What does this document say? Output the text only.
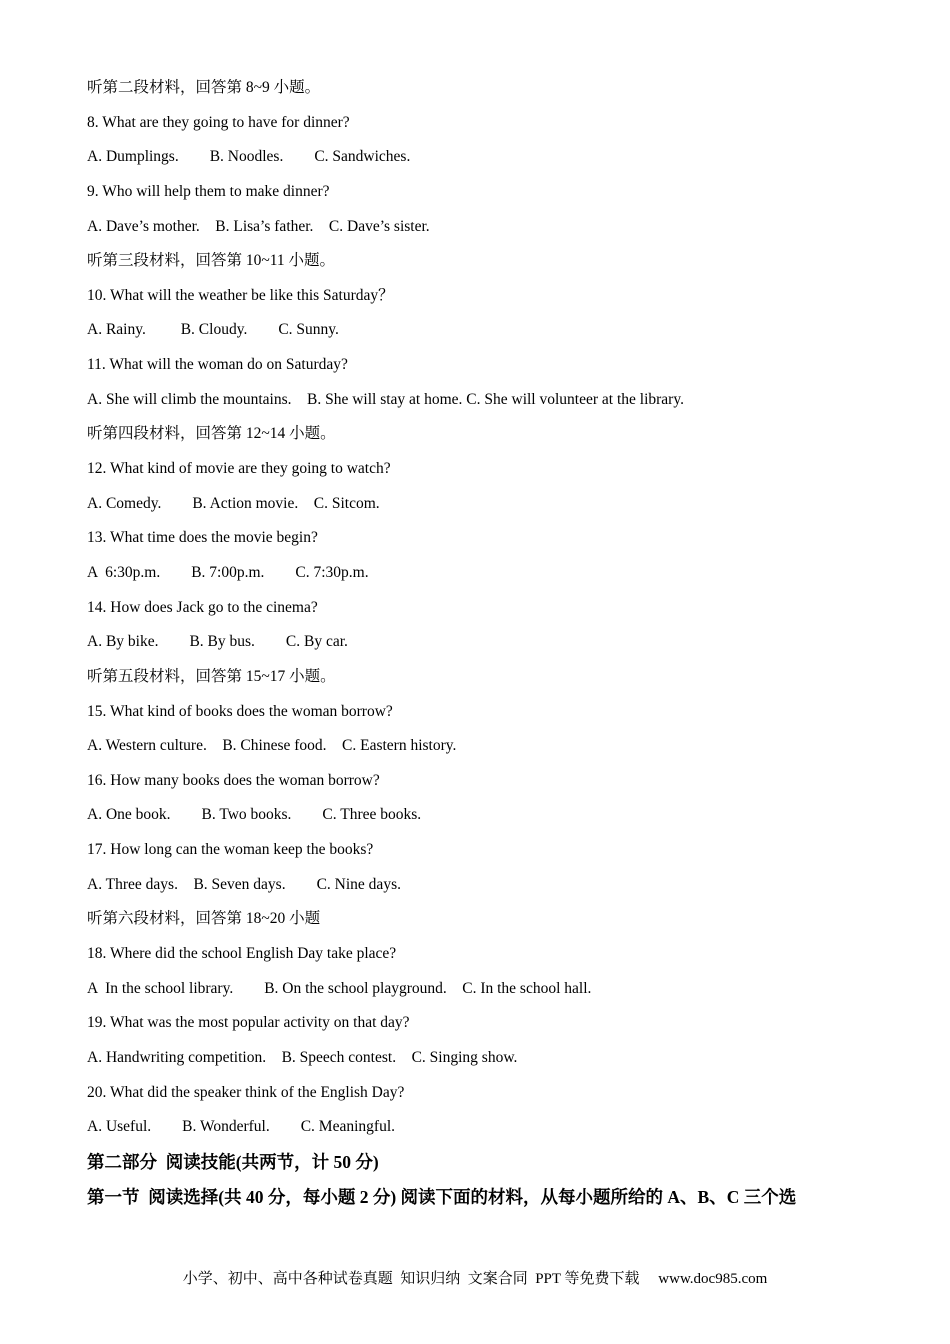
听第二段材料，回答第 8~9 小题。
8. What are they going to have for dinner?
A. Dumplings.        B. Noodles.        C. Sandwiches.
9. Who will help them to make dinner?
A. Dave’s mother.    B. Lisa’s father.    C. Dave’s sister.
听第三段材料，回答第 10~11 小题。
10. What will the weather be like this Saturday？
A. Rainy.         B. Cloudy.        C. Sunny.
11. What will the woman do on Saturday?
A. She will climb the mountains.    B. She will stay at home. C. She will volunteer at the library.
听第四段材料，回答第 12~14 小题。
12. What kind of movie are they going to watch?
A. Comedy.        B. Action movie.    C. Sitcom.
13. What time does the movie begin?
A  6:30p.m.        B. 7:00p.m.        C. 7:30p.m.
14. How does Jack go to the cinema?
A. By bike.        B. By bus.        C. By car.
听第五段材料，回答第 15~17 小题。
15. What kind of books does the woman borrow?
A. Western culture.    B. Chinese food.    C. Eastern history.
16. How many books does the woman borrow?
A. One book.        B. Two books.        C. Three books.
17. How long can the woman keep the books?
A. Three days.    B. Seven days.        C. Nine days.
听第六段材料，回答第 18~20 小题
18. Where did the school English Day take place?
A  In the school library.        B. On the school playground.    C. In the school hall.
19. What was the most popular activity on that day?
A. Handwriting competition.    B. Speech contest.    C. Singing show.
20. What did the speaker think of the English Day?
A. Useful.        B. Wonderful.        C. Meaningful.
第二部分  阅读技能(共两节，计 50 分)
第一节  阅读选择(共 40 分，每小题 2 分) 阅读下面的材料，从每小题所给的 A、B、C 三个选
小学、初中、高中各种试卷真题  知识归纳  文案合同  PPT 等免费下载     www.doc985.com
